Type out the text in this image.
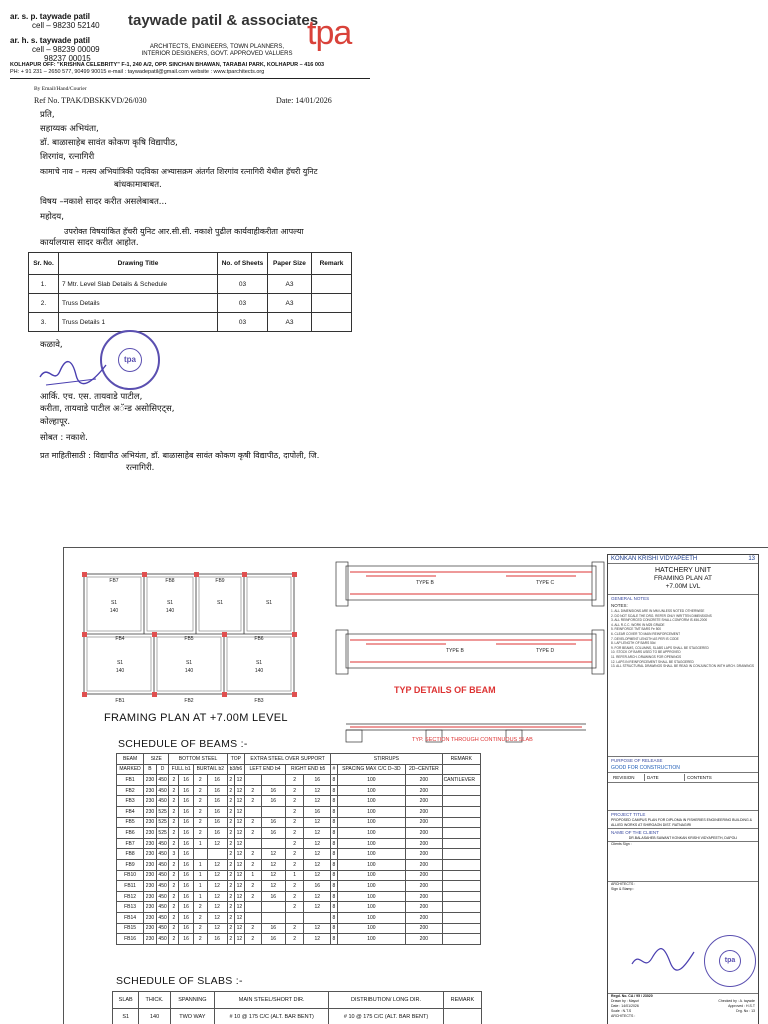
ar. s. p. taywade patil
cell – 98230 52140
ar. h. s. taywade patil
cell – 98239 00009
98237 00015
taywade patil & associates
ARCHITECTS, ENGINEERS, TOWN PLANNERS,
INTERIOR DESIGNERS, GOVT. APPROVED VALUERS
tpa
KOLHAPUR OFF: "KRISHNA CELEBRITY" F-1, 240 A/2, OPP. SINCHAN BHAWAN, TARABAI PARK, KOLHAPUR – 416 003
PH: + 91 231 – 2650 577, 90499 90015 e-mail : taywadepatil@gmail.com website : www.tparchitects.org
By Email/Hand/Courier
Ref No. TPAK/DBSKKVD/26/030	Date: 14/01/2026
प्रति,
सहाय्यक अभियंता,
डॉ. बाळासाहेब सावंत कोकण कृषि विद्यापीठ,
शिरगांव, रत्नागिरी
कामाचे नाव – मत्स्य अभियांत्रिकी पदविका अभ्यासक्रम अंतर्गत शिरगांव रत्नागिरी येथील हॅचरी युनिट
बांधकामाबाबत.
विषय –नकाशे सादर करीत असलेबाबत...
महोदय,
उपरोक्त विषयांकित हॅचरी युनिट आर.सी.सी. नकाशे पुढील कार्यवाहीकरीता आपल्या
कार्यालयास सादर करीत आहोत.
Sr. No.	Drawing Title	No. of Sheets	Paper Size	Remark
1.	7 Mtr. Level Slab Details & Schedule	03	A3	
2.	Truss Details	03	A3	
3.	Truss Details 1	03	A3	
कळावे,
tpa
आर्कि. एच. एस. तायवाडे पाटील,
करीता, तायवाडे पाटील अॅन्ड असोसिएट्स,
कोल्हापूर.
सोबत : नकाशे.
प्रत माहितीसाठी : विद्यापीठ अभियंता, डॉ. बाळासाहेब सावंत कोकण कृषी विद्यापीठ, दापोली, जि.
रत्नागिरी.
FB7	FB8	FB9
FB4	FB5	FB6
FB1	FB2	FB3
S1
140
S1
140
S1	S1
S1
140
S1
140
S1
140
TYPE B	TYPE C
TYPE B	TYPE D
FRAMING PLAN AT +7.00M LEVEL
TYP DETAILS OF BEAM
TYP. SECTION THROUGH CONTINUOUS SLAB
SCHEDULE OF BEAMS :-
BEAM	SIZE		BOTTOM STEEL				TOP		EXTRA STEEL OVER SUPPORT				STIRRUPS			REMARK
MARKED	B	D	FULL b1		BURTAIL b2		b3/b6		LEFT END b4		RIGHT END b5		#	SPACING MAX C/C D–3D	2D–CENTER	
FB1	230	450	2	16	2	16	2	12			2	16	8	100	200	CANTILEVER
FB2	230	450	2	16	2	16	2	12	2	16	2	12	8	100	200	
FB3	230	450	2	16	2	16	2	12	2	16	2	12	8	100	200	
FB4	230	525	2	16	2	16	2	12			2	16	8	100	200	
FB5	230	525	2	16	2	16	2	12	2	16	2	12	8	100	200	
FB6	230	525	2	16	2	16	2	12	2	16	2	12	8	100	200	
FB7	230	450	2	16	1	12	2	12			2	12	8	100	200	
FB8	230	450	3	16			2	12	2	12	2	12	8	100	200	
FB9	230	450	2	16	1	12	2	12	2	12	2	12	8	100	200	
FB10	230	450	2	16	1	12	2	12	1	12	1	12	8	100	200	
FB11	230	450	2	16	1	12	2	12	2	12	2	16	8	100	200	
FB12	230	450	2	16	1	12	2	12	2	16	2	12	8	100	200	
FB13	230	450	2	16	2	12	2	12			2	12	8	100	200	
FB14	230	450	2	16	2	12	2	12					8	100	200	
FB15	230	450	2	16	2	12	2	12	2	16	2	12	8	100	200	
FB16	230	450	2	16	2	16	2	12	2	16	2	12	8	100	200	
SCHEDULE OF SLABS :-
SLAB	THICK.	SPANNING	MAIN STEEL/SHORT DIR.	DISTRIBUTION/ LONG DIR.	REMARK
S1	140	TWO WAY	# 10 @ 175 C/C (ALT. BAR BENT)	# 10 @ 175 C/C (ALT. BAR BENT)	
KONKAN KRISHI VIDYAPEETH	13
HATCHERY UNIT
FRAMING PLAN AT
+7.00M LVL
GENERAL NOTES
NOTES:
1. ALL DIMENSIONS ARE IN MM UNLESS NOTED OTHERWISE
2. DO NOT SCALE THE DRG. REFER ONLY WRITTEN DIMENSIONS
3. ALL REINFORCED CONCRETE SHALL CONFORM IS 456-2000
4. ALL R.C.C. WORK IN M25 GRADE
5. REINFORCE TMT BARS Fe 500
6. CLEAR COVER TO MAIN REINFORCEMENT
7. DEVELOPMENT LENGTH AS PER IS CODE
8. LAP LENGTH OF BARS 50d
9. FOR BEAMS, COLUMNS, SLABS LAPS SHALL BE STAGGERED
10. STOCK OF BARS USED TO BE APPROVED
11. REFER ARCH. DRAWINGS FOR OPENINGS
12. LAPS IN REINFORCEMENT SHALL BE STAGGERED
13. ALL STRUCTURAL DRAWINGS SHALL BE READ IN CONJUNCTION WITH ARCH. DRAWINGS
PURPOSE OF RELEASE
GOOD FOR CONSTRUCTION
REVISION	DATE	CONTENTS
PROJECT TITLE
PROPOSED CAMPUS PLAN FOR DIPLOMA IN FISHERIES ENGINEERING BUILDING & ALLIED WORKS AT SHIRGAON DIST. RATNAGIRI
NAME OF THE CLIENT
DR.BALASAHEB SAWANT KONKAN KRISHI VIDYAPEETH, DAPOLI
Clients Sign :
ARCHITECTS :
Sign & Stamp :
tpa
Regd. No. CA / 95 / 23020
Drawn by : Mayuri	Checked by : A. taywde
Date : 14/01/2026	Approved : H.S.T
Scale : N.T.S	Drg. No : 13
ARCHITECTS :
